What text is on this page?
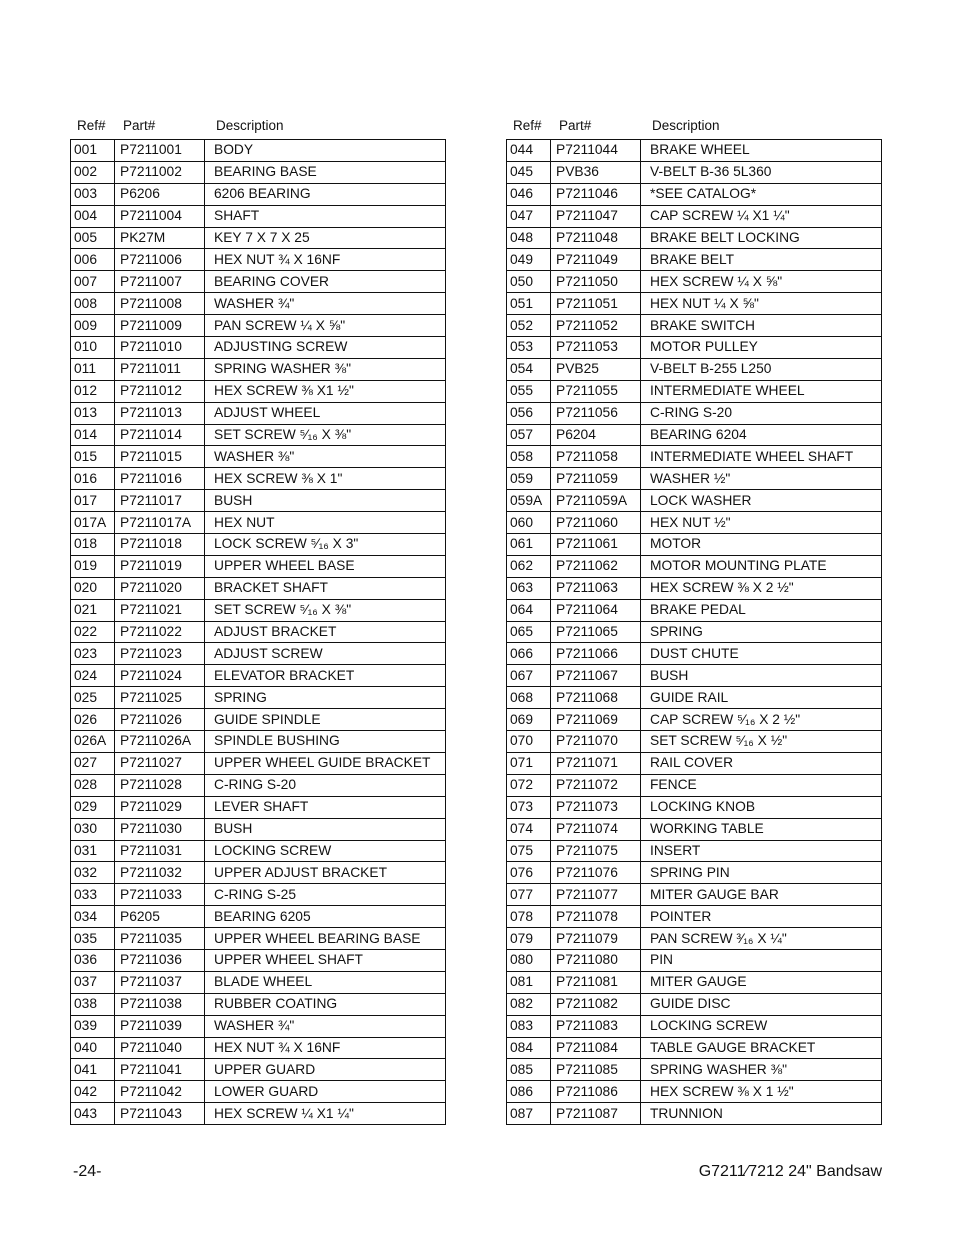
Ref# Part#	Description
001	P7211001	BODY
002	P7211002	BEARING BASE
003	P6206	6206 BEARING
004	P7211004	SHAFT
005	PK27M	KEY 7 X 7 X 25
006	P7211006	HEX NUT ¾ X 16NF
007	P7211007	BEARING COVER
008	P7211008	WASHER ¾"
009	P7211009	PAN SCREW ¼ X ⅝"
010	P7211010	ADJUSTING SCREW
011	P7211011	SPRING WASHER ⅜"
012	P7211012	HEX SCREW ⅜ X1 ½"
013	P7211013	ADJUST WHEEL
014	P7211014	SET SCREW ⁵⁄₁₆ X ⅜"
015	P7211015	WASHER ⅜"
016	P7211016	HEX SCREW ⅜ X 1"
017	P7211017	BUSH
017A	P7211017A	HEX NUT
018	P7211018	LOCK SCREW ⁵⁄₁₆ X 3"
019	P7211019	UPPER WHEEL BASE
020	P7211020	BRACKET SHAFT
021	P7211021	SET SCREW ⁵⁄₁₆ X ⅜"
022	P7211022	ADJUST BRACKET
023	P7211023	ADJUST SCREW
024	P7211024	ELEVATOR BRACKET
025	P7211025	SPRING
026	P7211026	GUIDE SPINDLE
026A	P7211026A	SPINDLE BUSHING
027	P7211027	UPPER WHEEL GUIDE BRACKET
028	P7211028	C-RING S-20
029	P7211029	LEVER SHAFT
030	P7211030	BUSH
031	P7211031	LOCKING SCREW
032	P7211032	UPPER ADJUST BRACKET
033	P7211033	C-RING S-25
034	P6205	BEARING 6205
035	P7211035	UPPER WHEEL BEARING BASE
036	P7211036	UPPER WHEEL SHAFT
037	P7211037	BLADE WHEEL
038	P7211038	RUBBER COATING
039	P7211039	WASHER ¾"
040	P7211040	HEX NUT ¾ X 16NF
041	P7211041	UPPER GUARD
042	P7211042	LOWER GUARD
043	P7211043	HEX SCREW ¼ X1 ¼"
Ref# Part#	Description
044	P7211044	BRAKE WHEEL
045	PVB36	V-BELT B-36 5L360
046	P7211046	*SEE CATALOG*
047	P7211047	CAP SCREW ¼ X1 ¼"
048	P7211048	BRAKE BELT LOCKING
049	P7211049	BRAKE BELT
050	P7211050	HEX SCREW ¼ X ⅝"
051	P7211051	HEX NUT ¼ X ⅝"
052	P7211052	BRAKE SWITCH
053	P7211053	MOTOR PULLEY
054	PVB25	V-BELT B-255 L250
055	P7211055	INTERMEDIATE WHEEL
056	P7211056	C-RING S-20
057	P6204	BEARING 6204
058	P7211058	INTERMEDIATE WHEEL SHAFT
059	P7211059	WASHER ½"
059A	P7211059A	LOCK WASHER
060	P7211060	HEX NUT ½"
061	P7211061	MOTOR
062	P7211062	MOTOR MOUNTING PLATE
063	P7211063	HEX SCREW ⅜ X 2 ½"
064	P7211064	BRAKE PEDAL
065	P7211065	SPRING
066	P7211066	DUST CHUTE
067	P7211067	BUSH
068	P7211068	GUIDE RAIL
069	P7211069	CAP SCREW ⁵⁄₁₆ X 2 ½"
070	P7211070	SET SCREW ⁵⁄₁₆ X ½"
071	P7211071	RAIL COVER
072	P7211072	FENCE
073	P7211073	LOCKING KNOB
074	P7211074	WORKING TABLE
075	P7211075	INSERT
076	P7211076	SPRING PIN
077	P7211077	MITER GAUGE BAR
078	P7211078	POINTER
079	P7211079	PAN SCREW ³⁄₁₆ X ¼"
080	P7211080	PIN
081	P7211081	MITER GAUGE
082	P7211082	GUIDE DISC
083	P7211083	LOCKING SCREW
084	P7211084	TABLE GAUGE BRACKET
085	P7211085	SPRING WASHER ⅜"
086	P7211086	HEX SCREW ⅜ X 1 ½"
087	P7211087	TRUNNION
-24-	G7211⁄7212 24" Bandsaw
